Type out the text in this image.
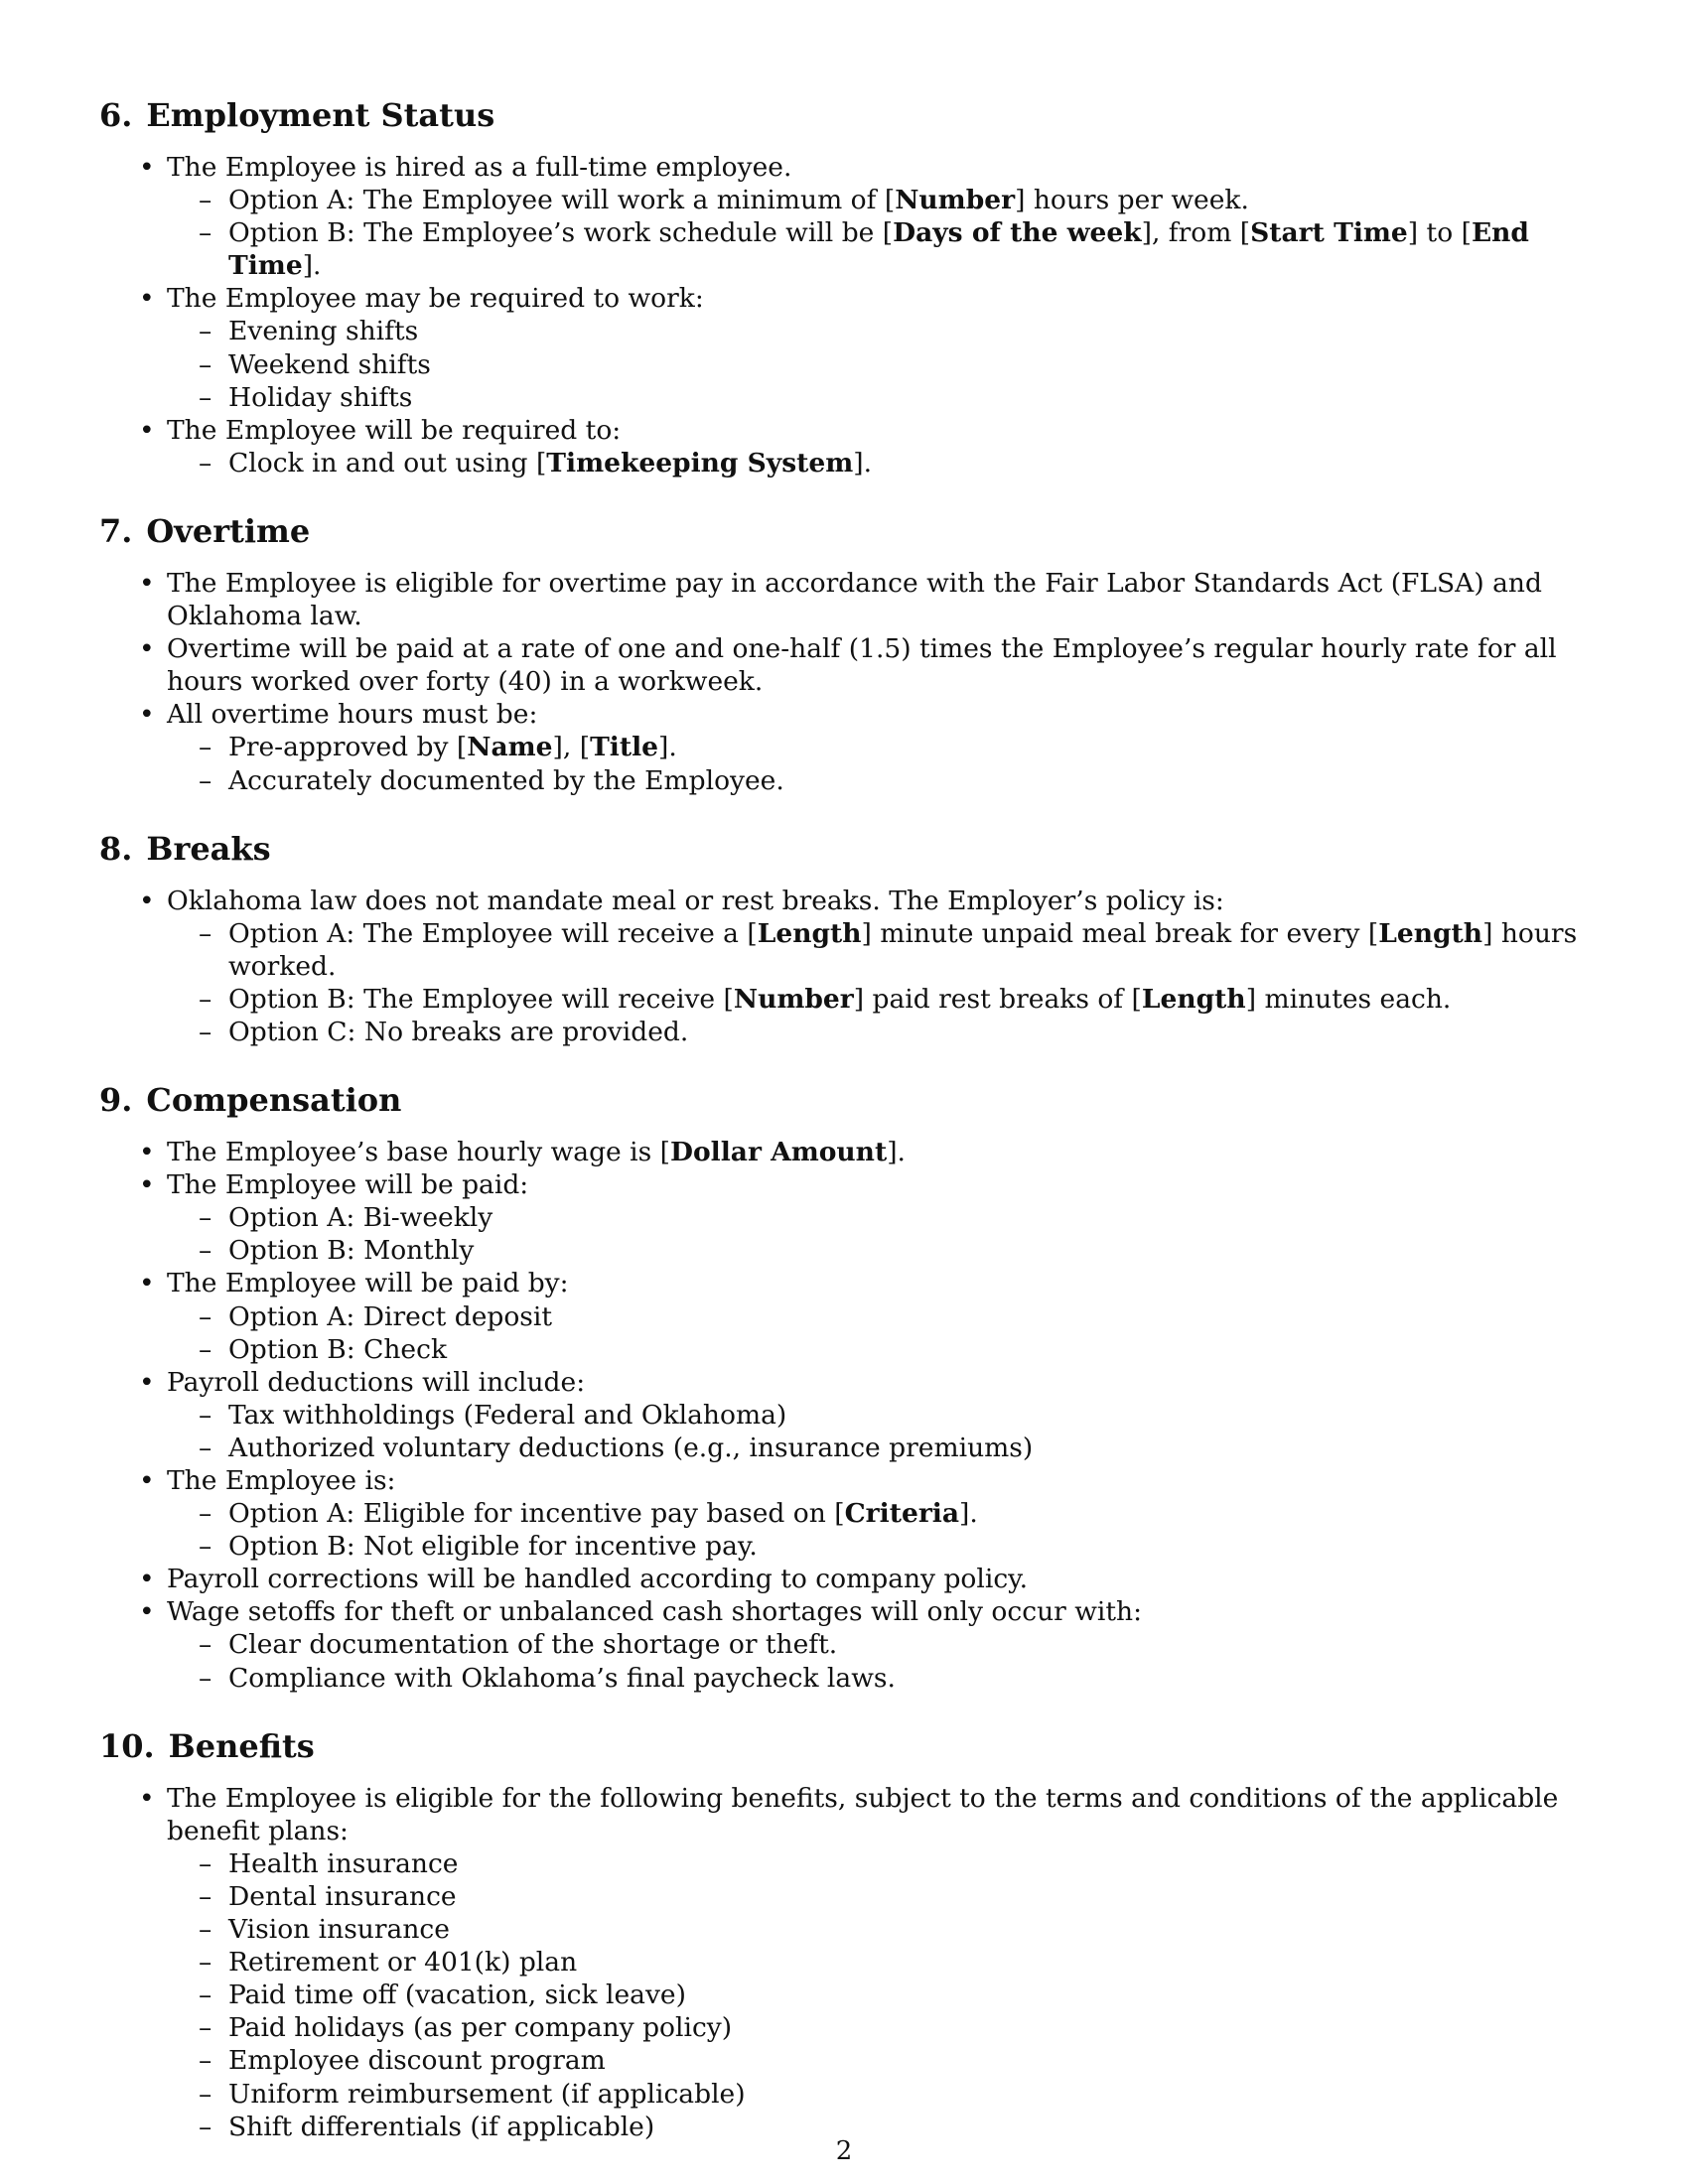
6. Employment Status
• The Employee is hired as a full-time employee.
– Option A: The Employee will work a minimum of [Number] hours per week.
– Option B: The Employee’s work schedule will be [Days of the week], from [Start Time] to [End Time].
• The Employee may be required to work:
– Evening shifts
– Weekend shifts
– Holiday shifts
• The Employee will be required to:
– Clock in and out using [Timekeeping System].
7. Overtime
• The Employee is eligible for overtime pay in accordance with the Fair Labor Standards Act (FLSA) and Oklahoma law.
• Overtime will be paid at a rate of one and one-half (1.5) times the Employee’s regular hourly rate for all hours worked over forty (40) in a workweek.
• All overtime hours must be:
– Pre-approved by [Name], [Title].
– Accurately documented by the Employee.
8. Breaks
• Oklahoma law does not mandate meal or rest breaks. The Employer’s policy is:
– Option A: The Employee will receive a [Length] minute unpaid meal break for every [Length] hours worked.
– Option B: The Employee will receive [Number] paid rest breaks of [Length] minutes each.
– Option C: No breaks are provided.
9. Compensation
• The Employee’s base hourly wage is [Dollar Amount].
• The Employee will be paid:
– Option A: Bi-weekly
– Option B: Monthly
• The Employee will be paid by:
– Option A: Direct deposit
– Option B: Check
• Payroll deductions will include:
– Tax withholdings (Federal and Oklahoma)
– Authorized voluntary deductions (e.g., insurance premiums)
• The Employee is:
– Option A: Eligible for incentive pay based on [Criteria].
– Option B: Not eligible for incentive pay.
• Payroll corrections will be handled according to company policy.
• Wage setoffs for theft or unbalanced cash shortages will only occur with:
– Clear documentation of the shortage or theft.
– Compliance with Oklahoma’s final paycheck laws.
10. Benefits
• The Employee is eligible for the following benefits, subject to the terms and conditions of the applicable benefit plans:
– Health insurance
– Dental insurance
– Vision insurance
– Retirement or 401(k) plan
– Paid time off (vacation, sick leave)
– Paid holidays (as per company policy)
– Employee discount program
– Uniform reimbursement (if applicable)
– Shift differentials (if applicable)
2
